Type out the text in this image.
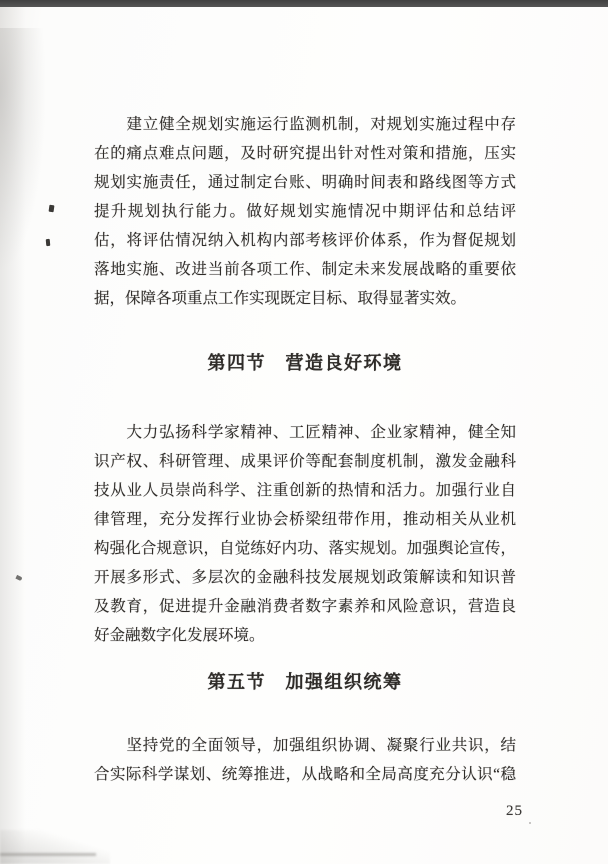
　　建立健全规划实施运行监测机制，对规划实施过程中存
在的痛点难点问题，及时研究提出针对性对策和措施，压实
规划实施责任，通过制定台账、明确时间表和路线图等方式
提升规划执行能力。做好规划实施情况中期评估和总结评
估，将评估情况纳入机构内部考核评价体系，作为督促规划
落地实施、改进当前各项工作、制定未来发展战略的重要依
据，保障各项重点工作实现既定目标、取得显著实效。
第四节　营造良好环境
　　大力弘扬科学家精神、工匠精神、企业家精神，健全知
识产权、科研管理、成果评价等配套制度机制，激发金融科
技从业人员崇尚科学、注重创新的热情和活力。加强行业自
律管理，充分发挥行业协会桥梁纽带作用，推动相关从业机
构强化合规意识，自觉练好内功、落实规划。加强舆论宣传，
开展多形式、多层次的金融科技发展规划政策解读和知识普
及教育，促进提升金融消费者数字素养和风险意识，营造良
好金融数字化发展环境。
第五节　加强组织统筹
　　坚持党的全面领导，加强组织协调、凝聚行业共识，结
合实际科学谋划、统筹推进，从战略和全局高度充分认识“稳
25
